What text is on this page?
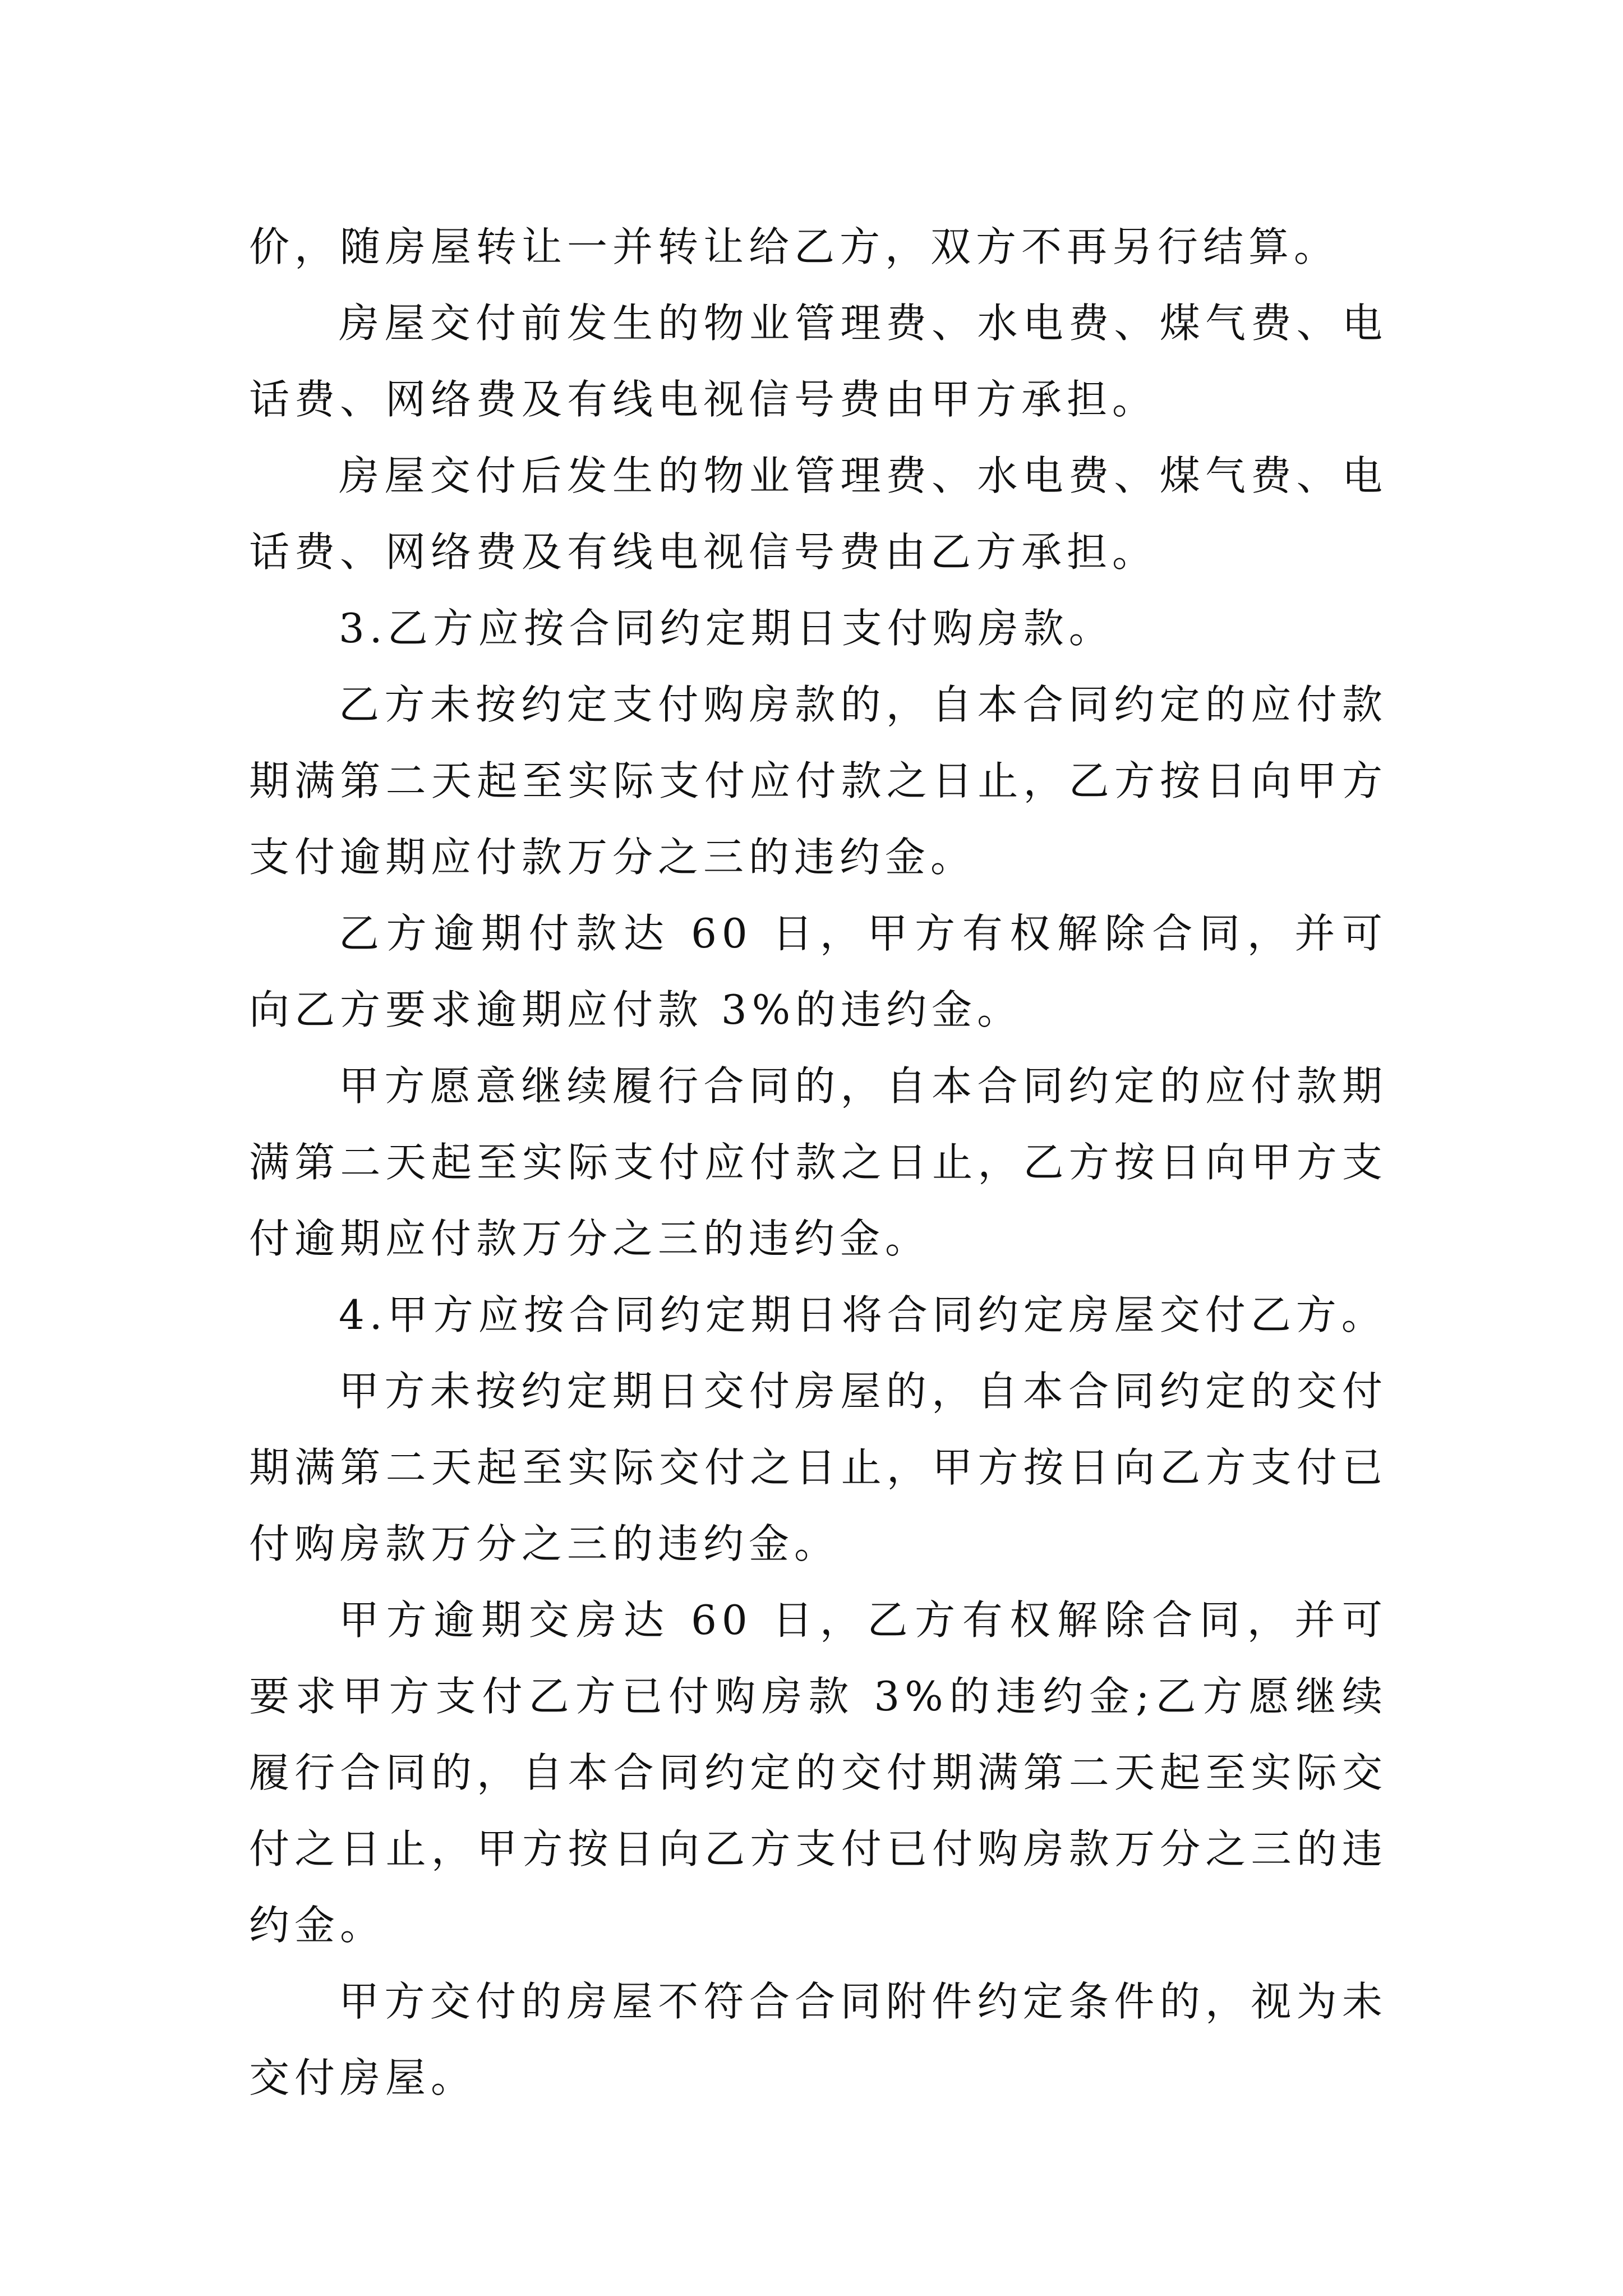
价，随房屋转让一并转让给乙方，双方不再另行结算。

房屋交付前发生的物业管理费、水电费、煤气费、电话费、网络费及有线电视信号费由甲方承担。

房屋交付后发生的物业管理费、水电费、煤气费、电话费、网络费及有线电视信号费由乙方承担。

3.乙方应按合同约定期日支付购房款。

乙方未按约定支付购房款的，自本合同约定的应付款期满第二天起至实际支付应付款之日止，乙方按日向甲方支付逾期应付款万分之三的违约金。

乙方逾期付款达 60 日，甲方有权解除合同，并可向乙方要求逾期应付款 3%的违约金。

甲方愿意继续履行合同的，自本合同约定的应付款期满第二天起至实际支付应付款之日止，乙方按日向甲方支付逾期应付款万分之三的违约金。

4.甲方应按合同约定期日将合同约定房屋交付乙方。

甲方未按约定期日交付房屋的，自本合同约定的交付期满第二天起至实际交付之日止，甲方按日向乙方支付已付购房款万分之三的违约金。

甲方逾期交房达 60 日，乙方有权解除合同，并可要求甲方支付乙方已付购房款 3%的违约金;乙方愿继续履行合同的，自本合同约定的交付期满第二天起至实际交付之日止，甲方按日向乙方支付已付购房款万分之三的违约金。

甲方交付的房屋不符合合同附件约定条件的，视为未交付房屋。
